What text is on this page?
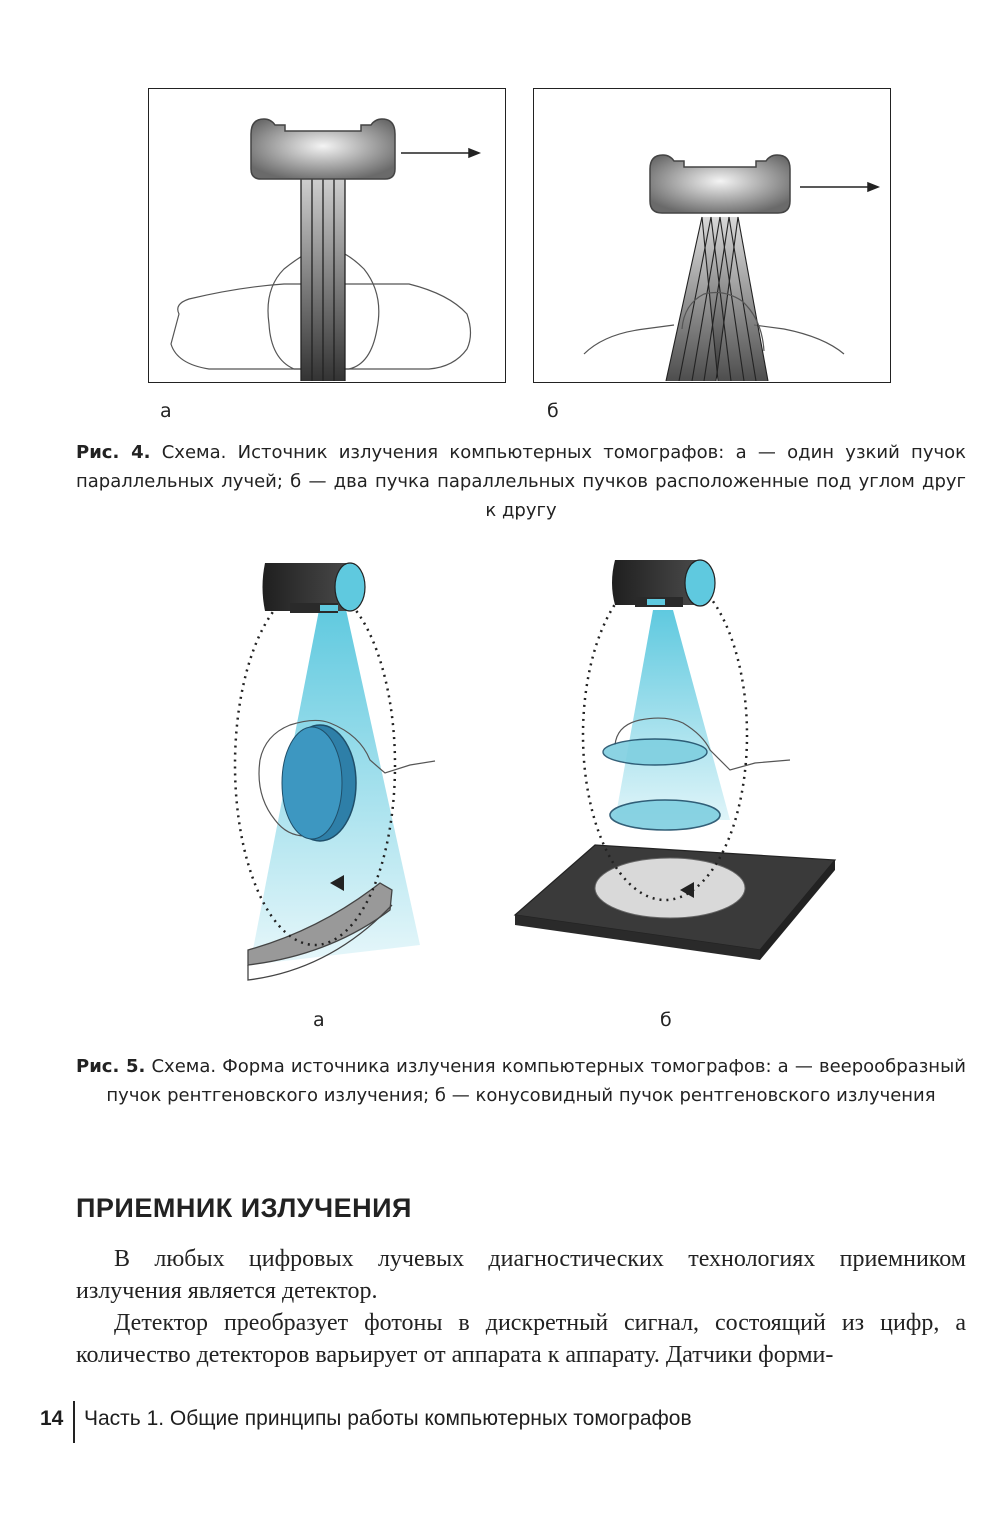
а	б
Рис. 4. Схема. Источник излучения компьютерных томографов: а — один узкий пучок параллельных лучей; б — два пучка параллельных пучков расположенные под углом друг к другу
а	б
Рис. 5. Схема. Форма источника излучения компьютерных томографов: а — веерообразный пучок рентгеновского излучения; б — конусовидный пучок рентгеновского излучения
ПРИЕМНИК ИЗЛУЧЕНИЯ
В любых цифровых лучевых диагностических технологиях приемником излучения является детектор.
Детектор преобразует фотоны в дискретный сигнал, состоящий из цифр, а количество детекторов варьирует от аппарата к аппарату. Датчики форми-
14 Часть 1. Общие принципы работы компьютерных томографов
